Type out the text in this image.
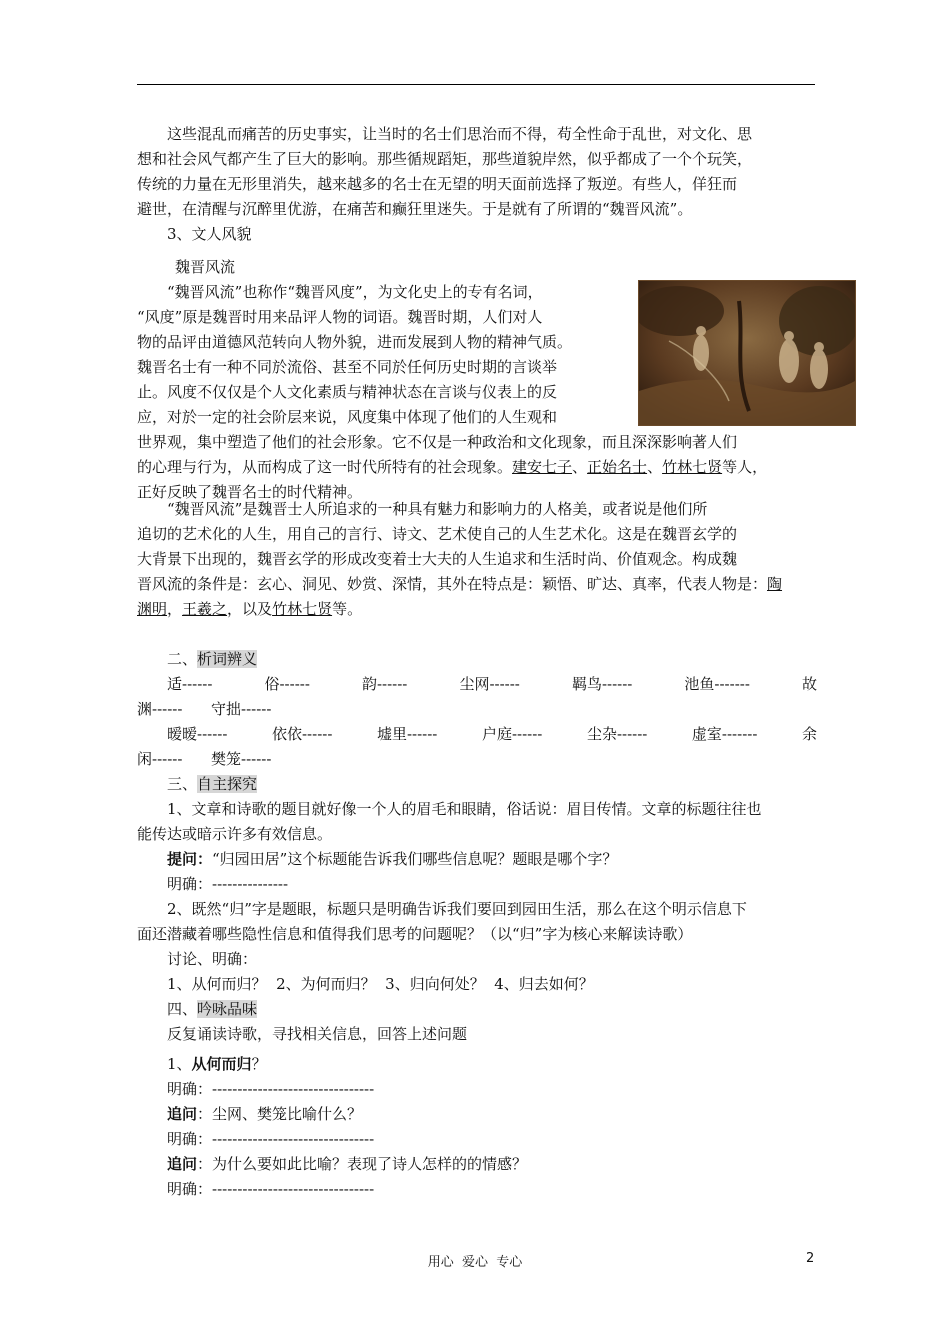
这些混乱而痛苦的历史事实，让当时的名士们思治而不得，苟全性命于乱世，对文化、思
想和社会风气都产生了巨大的影响。那些循规蹈矩，那些道貌岸然，似乎都成了一个个玩笑，
传统的力量在无形里消失，越来越多的名士在无望的明天面前选择了叛逆。有些人，佯狂而
避世，在清醒与沉醉里优游，在痛苦和癫狂里迷失。于是就有了所谓的“魏晋风流”。
3、文人风貌
魏晋风流
“魏晋风流”也称作“魏晋风度”，为文化史上的专有名词，
“风度”原是魏晋时用来品评人物的词语。魏晋时期，人们对人
物的品评由道德风范转向人物外貌，进而发展到人物的精神气质。
魏晋名士有一种不同於流俗、甚至不同於任何历史时期的言谈举
止。风度不仅仅是个人文化素质与精神状态在言谈与仪表上的反
应，对於一定的社会阶层来说，风度集中体现了他们的人生观和
世界观，集中塑造了他们的社会形象。它不仅是一种政治和文化现象，而且深深影响著人们
的心理与行为，从而构成了这一时代所特有的社会现象。建安七子、正始名士、竹林七贤等人，
正好反映了魏晋名士的时代精神。
“魏晋风流”是魏晋士人所追求的一种具有魅力和影响力的人格美，或者说是他们所
追切的艺术化的人生，用自己的言行、诗文、艺术使自己的人生艺术化。这是在魏晋玄学的
大背景下出现的，魏晋玄学的形成改变着士大夫的人生追求和生活时尚、价值观念。构成魏
晋风流的条件是：玄心、洞见、妙赏、深情，其外在特点是：颖悟、旷达、真率，代表人物是：陶
渊明，王羲之，以及竹林七贤等。
二、析词辨义
适------	俗------	韵------	尘网------	羁鸟------	池鱼-------	故
渊------      守拙------
暧暧------	依依------	墟里------	户庭------	尘杂------	虚室-------	余
闲------      樊笼------
三、自主探究
1、文章和诗歌的题目就好像一个人的眉毛和眼睛，俗话说：眉目传情。文章的标题往往也
能传达或暗示许多有效信息。
提问：“归园田居”这个标题能告诉我们哪些信息呢？题眼是哪个字？
明确：---------------
2、既然“归”字是题眼，标题只是明确告诉我们要回到园田生活，那么在这个明示信息下
面还潜藏着哪些隐性信息和值得我们思考的问题呢？（以“归”字为核心来解读诗歌）
讨论、明确：
1、从何而归？  2、为何而归？  3、归向何处？  4、归去如何？
四、吟咏品味
反复诵读诗歌，寻找相关信息，回答上述问题
1、从何而归？
明确：--------------------------------
追问：尘网、樊笼比喻什么？
明确：--------------------------------
追问：为什么要如此比喻？表现了诗人怎样的的情感？
明确：--------------------------------
用心  爱心  专心	2
